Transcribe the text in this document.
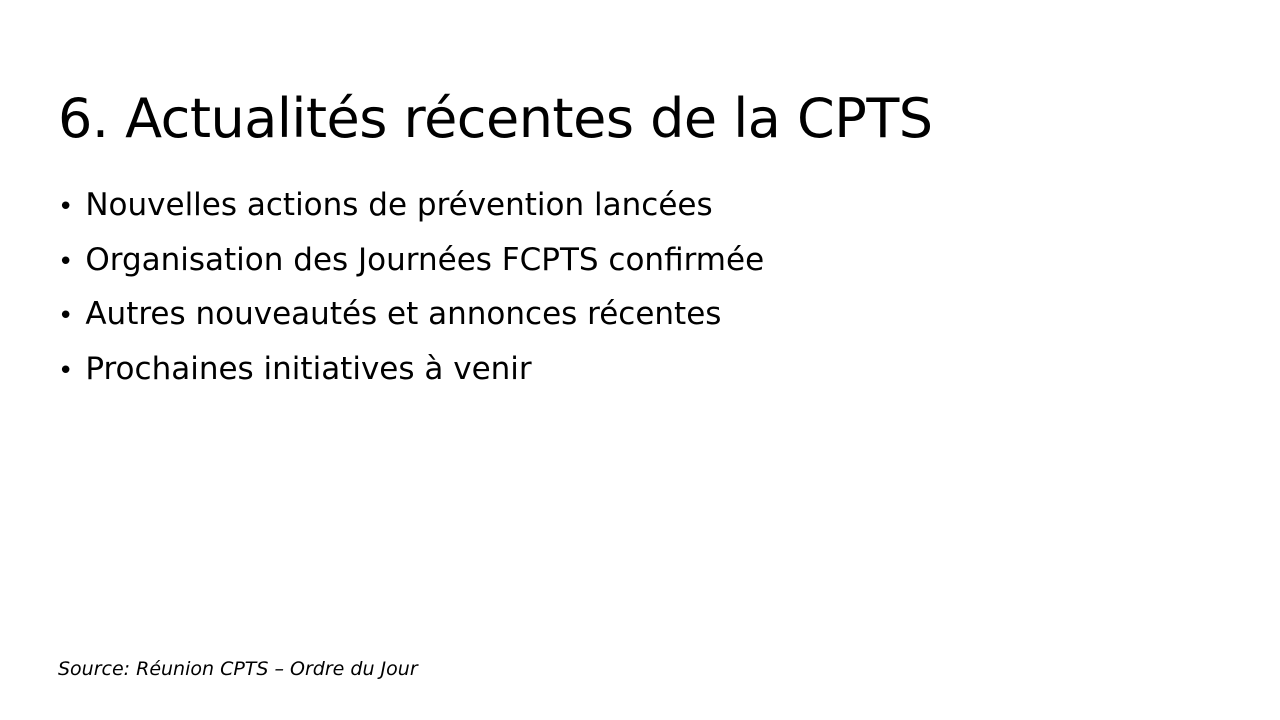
6. Actualités récentes de la CPTS
• Nouvelles actions de prévention lancées
• Organisation des Journées FCPTS confirmée
• Autres nouveautés et annonces récentes
• Prochaines initiatives à venir
Source: Réunion CPTS – Ordre du Jour
